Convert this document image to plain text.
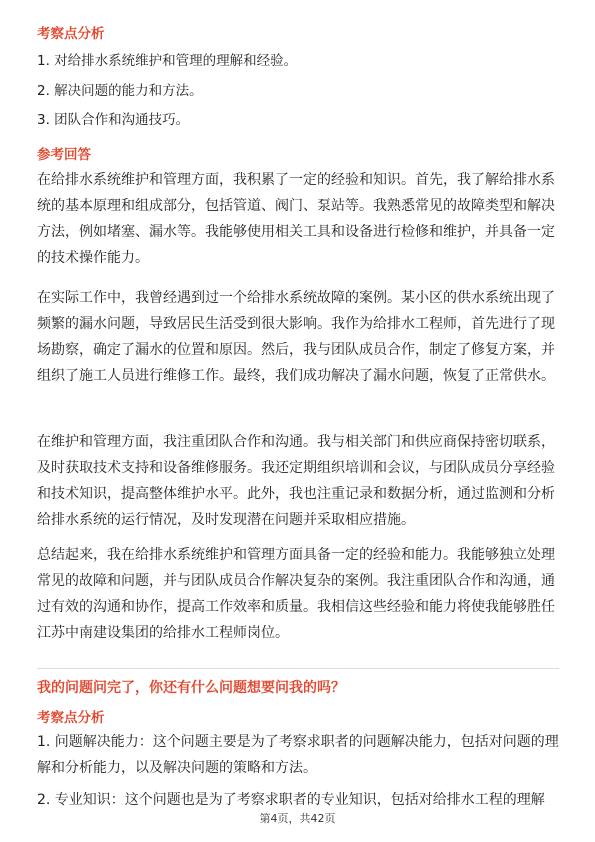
考察点分析
1. 对给排水系统维护和管理的理解和经验。
2. 解决问题的能力和方法。
3. 团队合作和沟通技巧。
参考回答
在给排水系统维护和管理方面，我积累了一定的经验和知识。首先，我了解给排水系统的基本原理和组成部分，包括管道、阀门、泵站等。我熟悉常见的故障类型和解决方法，例如堵塞、漏水等。我能够使用相关工具和设备进行检修和维护，并具备一定的技术操作能力。
在实际工作中，我曾经遇到过一个给排水系统故障的案例。某小区的供水系统出现了频繁的漏水问题，导致居民生活受到很大影响。我作为给排水工程师，首先进行了现场勘察，确定了漏水的位置和原因。然后，我与团队成员合作，制定了修复方案，并组织了施工人员进行维修工作。最终，我们成功解决了漏水问题，恢复了正常供水。
在维护和管理方面，我注重团队合作和沟通。我与相关部门和供应商保持密切联系，及时获取技术支持和设备维修服务。我还定期组织培训和会议，与团队成员分享经验和技术知识，提高整体维护水平。此外，我也注重记录和数据分析，通过监测和分析给排水系统的运行情况，及时发现潜在问题并采取相应措施。
总结起来，我在给排水系统维护和管理方面具备一定的经验和能力。我能够独立处理常见的故障和问题，并与团队成员合作解决复杂的案例。我注重团队合作和沟通，通过有效的沟通和协作，提高工作效率和质量。我相信这些经验和能力将使我能够胜任江苏中南建设集团的给排水工程师岗位。
我的问题问完了，你还有什么问题想要问我的吗？
考察点分析
1. 问题解决能力：这个问题主要是为了考察求职者的问题解决能力，包括对问题的理解和分析能力，以及解决问题的策略和方法。
2. 专业知识：这个问题也是为了考察求职者的专业知识，包括对给排水工程的理解
第4页，共42页
